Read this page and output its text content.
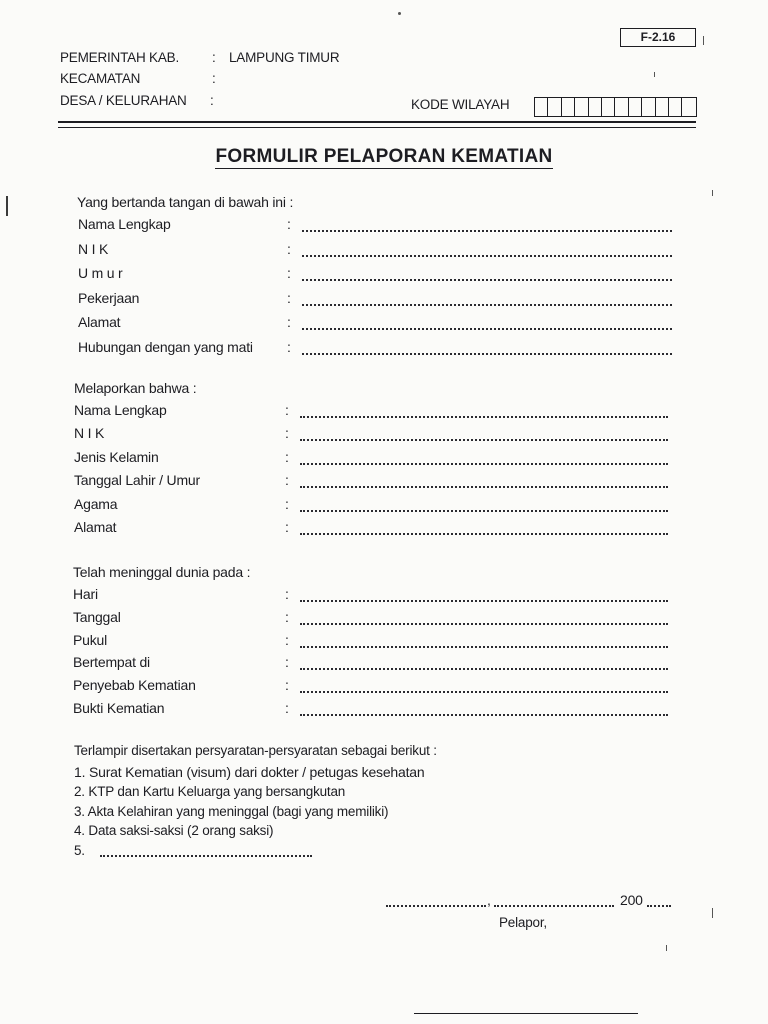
F-2.16
PEMERINTAH KAB. : LAMPUNG TIMUR
KECAMATAN	:
DESA / KELURAHAN :	KODE WILAYAH
FORMULIR PELAPORAN KEMATIAN
Yang bertanda tangan di bawah ini :
Nama Lengkap	:
N I K	:
U m u r	:
Pekerjaan	:
Alamat	:
Hubungan dengan yang mati :
Melaporkan bahwa :
Nama Lengkap	:
N I K	:
Jenis Kelamin	:
Tanggal Lahir / Umur	:
Agama	:
Alamat	:
Telah meninggal dunia pada :
Hari	:
Tanggal	:
Pukul	:
Bertempat di	:
Penyebab Kematian	:
Bukti Kematian	:
Terlampir disertakan persyaratan-persyaratan sebagai berikut :
1. Surat Kematian (visum) dari dokter / petugas kesehatan
2. KTP dan Kartu Keluarga yang bersangkutan
3. Akta Kelahiran yang meninggal (bagi yang memiliki)
4. Data saksi-saksi (2 orang saksi)
5.
,	200
Pelapor,
